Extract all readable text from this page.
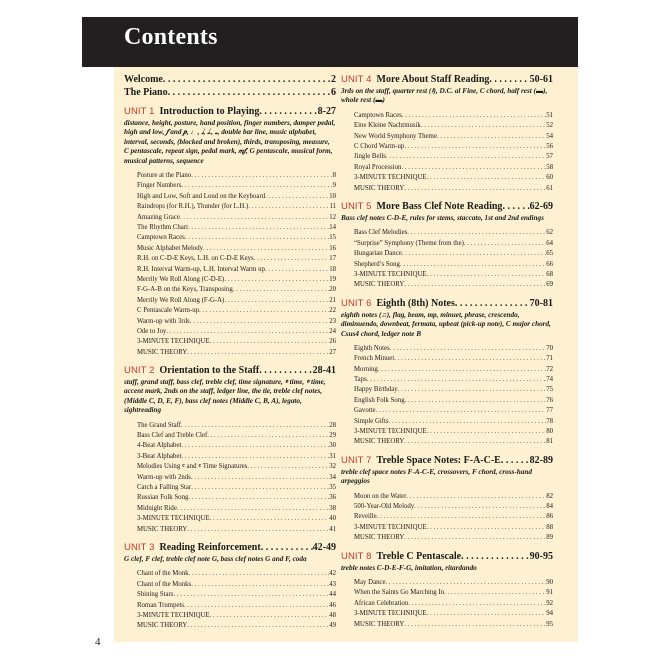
Contents
Welcome . . .	2
The Piano . . .	6
UNIT 1 Introduction to Playing . . .	8-27
distance, height, posture, hand position, finger numbers, damper pedal, high and low, 𝆑 and 𝆏, ♩, 𝅗𝅥, 𝅗𝅥., 𝅝, double bar line, music alphabet, interval, seconds, (blocked and broken), thirds, transposing, measure, C pentascale, repeat sign, pedal mark, 𝆐𝆑, G pentascale, musical form, musical patterns, sequence
Posture at the Piano . . .	8
Finger Numbers . . .	9
High and Low, Soft and Loud on the Keyboard . . .	10
Raindrops (for R.H.), Thunder (for L.H.) . . .	11
Amazing Grace . . .	12
The Rhythm Chart . . .	14
Camptown Races . . .	15
Music Alphabet Melody . . .	16
R.H. on C-D-E Keys, L.H. on C-D-E Keys . . .	17
R.H. Interval Warm-up, L.H. Interval Warm up . . .	18
Merrily We Roll Along (C-D-E) . . .	19
F-G-A-B on the Keys, Transposing . . .	20
Merrily We Roll Along (F-G-A) . . .	21
C Pentascale Warm-up . . .	22
Warm-up with 3rds . . .	23
Ode to Joy . . .	24
3-MINUTE TECHNIQUE . . .	26
MUSIC THEORY . . .	27
UNIT 2 Orientation to the Staff . . .	28-41
staff, grand staff, bass clef, treble clef, time signature, 𝄴 time, 𝄴 time, accent mark, 2nds on the staff, ledger line, the tie, treble clef notes, (Middle C, D, E, F), bass clef notes (Middle C, B, A), legato, sightreading
The Grand Staff . . .	28
Bass Clef and Treble Clef . . .	29
4-Beat Alphabet . . .	30
3-Beat Alphabet . . .	31
Melodies Using 𝄴 and 𝄴 Time Signatures . . .	32
Warm-up with 2nds . . .	34
Catch a Falling Star . . .	35
Russian Folk Song . . .	36
Midnight Ride . . .	38
3-MINUTE TECHNIQUE . . .	40
MUSIC THEORY . . .	41
UNIT 3 Reading Reinforcement . . .	42-49
G clef, F clef, treble clef note G, bass clef notes G and F, coda
Chant of the Monk . . .	42
Chant of the Monks . . .	43
Shining Stars . . .	44
Roman Trumpets . . .	46
3-MINUTE TECHNIQUE . . .	48
MUSIC THEORY . . .	49
UNIT 4 More About Staff Reading . . .	50-61
3rds on the staff, quarter rest (𝄽), D.C. al Fine, C chord, half rest (▬), whole rest (▬)
Camptown Races . . .	51
Eine Kleine Nachtmusik . . .	52
New World Symphony Theme . . .	54
C Chord Warm-up . . .	56
Jingle Bells . . .	57
Royal Procession . . .	58
3-MINUTE TECHNIQUE . . .	60
MUSIC THEORY . . .	61
UNIT 5 More Bass Clef Note Reading . . .	62-69
Bass clef notes C-D-E, rules for stems, staccato, 1st and 2nd endings
Bass Clef Melodies . . .	62
“Surprise” Symphony (Theme from the) . . .	64
Hungarian Dance . . .	65
Shepherd’s Song . . .	66
3-MINUTE TECHNIQUE . . .	68
MUSIC THEORY . . .	69
UNIT 6 Eighth (8th) Notes . . .	70-81
eighth notes (♫), flag, beam, mp, minuet, phrase, crescendo, diminuendo, downbeat, fermata, upbeat (pick-up note), C major chord, Csus4 chord, ledger note B
Eighth Notes . . .	70
French Minuet . . .	71
Morning . . .	72
Taps . . .	74
Happy Birthday . . .	75
English Folk Song . . .	76
Gavotte . . .	77
Simple Gifts . . .	78
3-MINUTE TECHNIQUE . . .	80
MUSIC THEORY . . .	81
UNIT 7 Treble Space Notes: F-A-C-E . . .	82-89
treble clef space notes F-A-C-E, crossovers, F chord, cross-hand arpeggios
Moon on the Water . . .	82
500-Year-Old Melody . . .	84
Reveille . . .	86
3-MINUTE TECHNIQUE . . .	88
MUSIC THEORY . . .	89
UNIT 8 Treble C Pentascale . . .	90-95
treble notes C-D-E-F-G, imitation, ritardando
May Dance . . .	90
When the Saints Go Marching In . . .	91
African Celebration . . .	92
3-MINUTE TECHNIQUE . . .	94
MUSIC THEORY . . .	95
4
